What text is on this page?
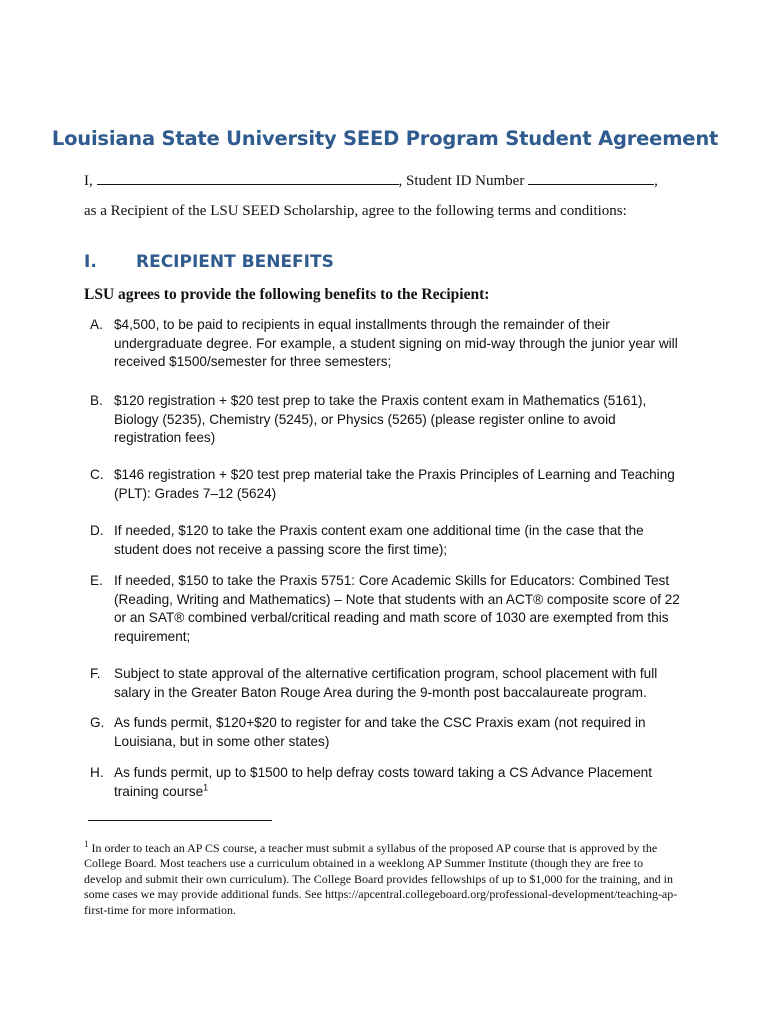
Louisiana State University SEED Program Student Agreement
I,	, Student ID Number	,
as a Recipient of the LSU SEED Scholarship, agree to the following terms and conditions:
I. RECIPIENT BENEFITS
LSU agrees to provide the following benefits to the Recipient:
A. $4,500, to be paid to recipients in equal installments through the remainder of their undergraduate degree. For example, a student signing on mid-way through the junior year will received $1500/semester for three semesters;
B. $120 registration + $20 test prep to take the Praxis content exam in Mathematics (5161), Biology (5235), Chemistry (5245), or Physics (5265) (please register online to avoid registration fees)
C. $146 registration + $20 test prep material take the Praxis Principles of Learning and Teaching (PLT): Grades 7–12 (5624)
D. If needed, $120 to take the Praxis content exam one additional time (in the case that the student does not receive a passing score the first time);
E. If needed, $150 to take the Praxis 5751: Core Academic Skills for Educators: Combined Test (Reading, Writing and Mathematics) – Note that students with an ACT® composite score of 22 or an SAT® combined verbal/critical reading and math score of 1030 are exempted from this requirement;
F. Subject to state approval of the alternative certification program, school placement with full salary in the Greater Baton Rouge Area during the 9-month post baccalaureate program.
G. As funds permit, $120+$20 to register for and take the CSC Praxis exam (not required in Louisiana, but in some other states)
H. As funds permit, up to $1500 to help defray costs toward taking a CS Advance Placement training course$^1$
$^1$ In order to teach an AP CS course, a teacher must submit a syllabus of the proposed AP course that is approved by the College Board. Most teachers use a curriculum obtained in a weeklong AP Summer Institute (though they are free to develop and submit their own curriculum). The College Board provides fellowships of up to $1,000 for the training, and in some cases we may provide additional funds. See https://apcentral.collegeboard.org/professional-development/teaching-ap-first-time for more information.
